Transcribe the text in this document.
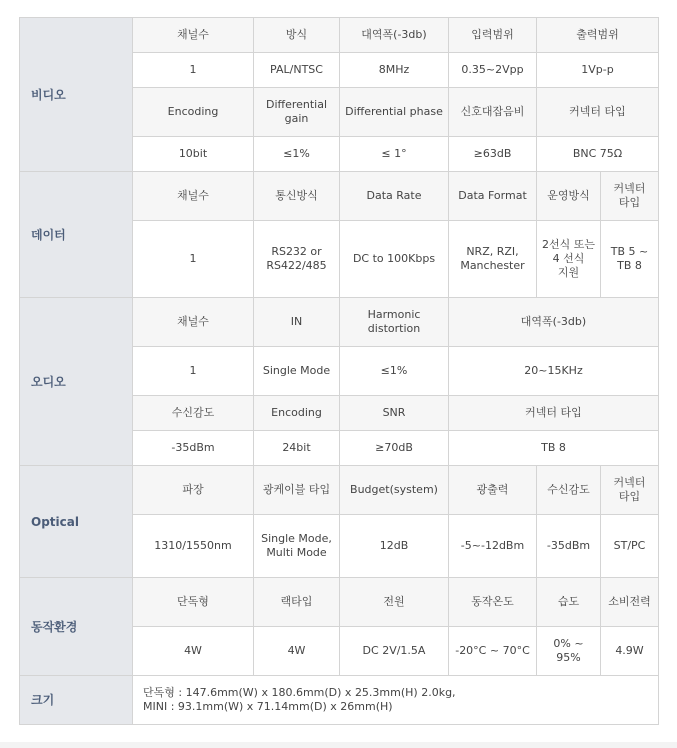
비디오	채널수	방식	대역폭(-3db)	입력범위	출력범위	
	1	PAL/NTSC	8MHz	0.35~2Vpp	1Vp-p	
	Encoding	Differential gain	Differential phase	신호대잡음비	커넥터 타입	
	10bit	≤1%	≤ 1°	≥63dB	BNC 75Ω	
데이터	채널수	통신방식	Data Rate	Data Format	운영방식	커넥터 타입
	1	RS232 or RS422/485	DC to 100Kbps	NRZ, RZI, Manchester	2선식 또는 4 선식 지원	TB 5 ~ TB 8
오디오	채널수	IN	Harmonic distortion	대역폭(-3db)		
	1	Single Mode	≤1%	20~15KHz		
	수신감도	Encoding	SNR	커넥터 타입		
	-35dBm	24bit	≥70dB	TB 8		
Optical	파장	광케이블 타입	Budget(system)	광출력	수신감도	커넥터 타입
	1310/1550nm	Single Mode, Multi Mode	12dB	-5~-12dBm	-35dBm	ST/PC
동작환경	단독형	랙타입	전원	동작온도	습도	소비전력
	4W	4W	DC 2V/1.5A	-20°C ~ 70°C	0% ~ 95%	4.9W
크기	단독형 : 147.6mm(W) x 180.6mm(D) x 25.3mm(H) 2.0kg,
MINI : 93.1mm(W) x 71.14mm(D) x 26mm(H)					
